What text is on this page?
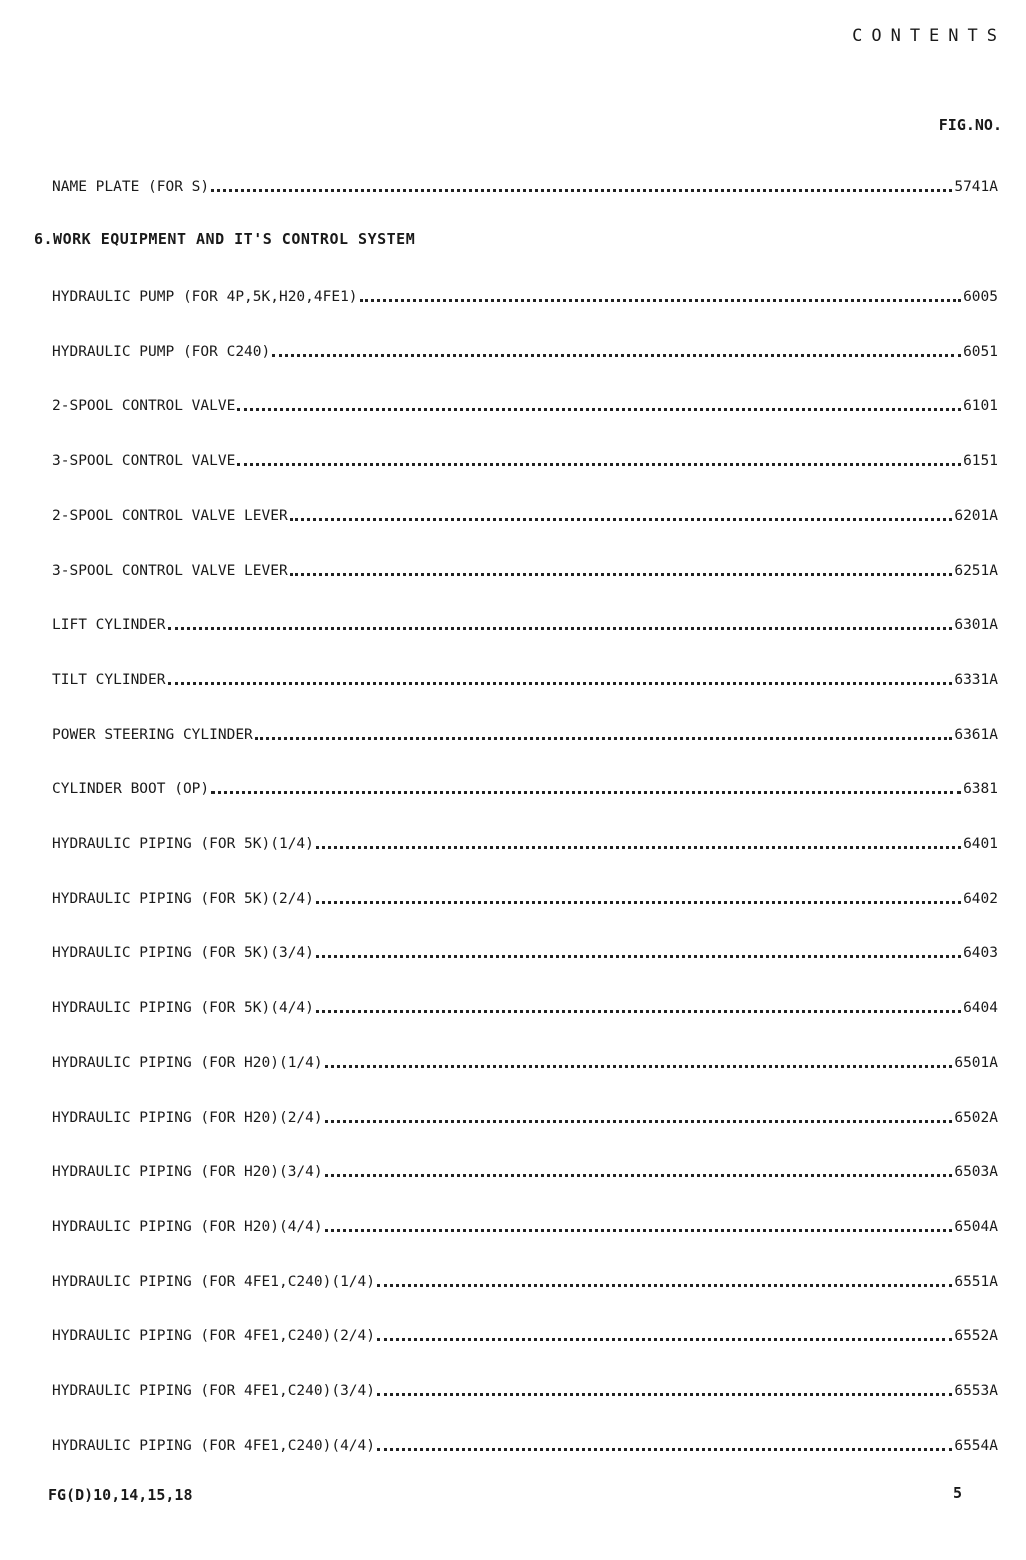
CONTENTS
FIG.NO.
NAME PLATE (FOR S)	5741A
6.WORK EQUIPMENT AND IT'S CONTROL SYSTEM
HYDRAULIC PUMP (FOR 4P,5K,H20,4FE1)	6005
HYDRAULIC PUMP (FOR C240)	6051
2-SPOOL CONTROL VALVE	6101
3-SPOOL CONTROL VALVE	6151
2-SPOOL CONTROL VALVE LEVER	6201A
3-SPOOL CONTROL VALVE LEVER	6251A
LIFT CYLINDER	6301A
TILT CYLINDER	6331A
POWER STEERING CYLINDER	6361A
CYLINDER BOOT (OP)	6381
HYDRAULIC PIPING (FOR 5K)(1/4)	6401
HYDRAULIC PIPING (FOR 5K)(2/4)	6402
HYDRAULIC PIPING (FOR 5K)(3/4)	6403
HYDRAULIC PIPING (FOR 5K)(4/4)	6404
HYDRAULIC PIPING (FOR H20)(1/4)	6501A
HYDRAULIC PIPING (FOR H20)(2/4)	6502A
HYDRAULIC PIPING (FOR H20)(3/4)	6503A
HYDRAULIC PIPING (FOR H20)(4/4)	6504A
HYDRAULIC PIPING (FOR 4FE1,C240)(1/4)	6551A
HYDRAULIC PIPING (FOR 4FE1,C240)(2/4)	6552A
HYDRAULIC PIPING (FOR 4FE1,C240)(3/4)	6553A
HYDRAULIC PIPING (FOR 4FE1,C240)(4/4)	6554A
FG(D)10,14,15,18	5
